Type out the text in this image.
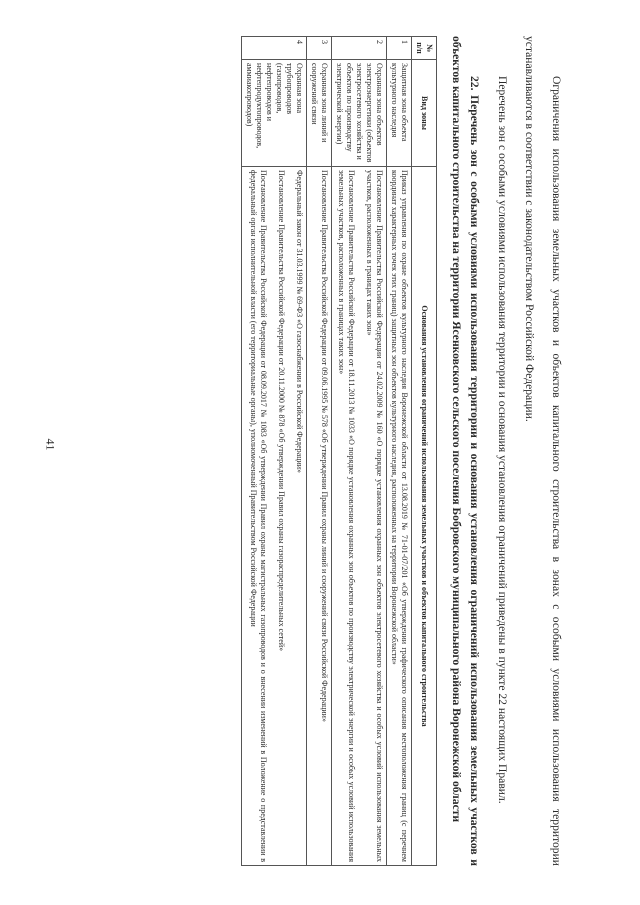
41	Ограничения использования земельных участков и объектов капитального строительства в зонах с особыми условиями использования территории устанавливаются в соответствии с законодательством Российской Федерации.

Перечень зон с особыми условиями использования территории и основания установления ограничений приведены в пункте 22 настоящих Правил.

22. Перечень зон с особыми условиями использования территории и основания установления ограничений использования земельных участков и объектов капитального строительства на территории Ясенковского сельского поселения Бобровского муниципального района Воронежской области

№ п/п	Вид зоны	Основания установления ограничений использования земельных участков и объектов капитального строительства
1	Защитная зона объекта культурного наследия	Приказ управления по охране объектов культурного наследия Воронежской области от 13.08.2019 № 71-01-07/201 «Об утверждении графического описания местоположения границ (с перечнем координат характерных точек этих границ) защитных зон объектов культурного наследия, расположенных на территории Воронежской области»

2	Охранная зона объектов электроэнергетики (объектов электросетевого хозяйства и объектов по производству электрической энергии)	Постановление Правительства Российской Федерации от 24.02.2009 № 160 «О порядке установления охранных зон объектов электросетевого хозяйства и особых условий использования земельных участков, расположенных в границах таких зон»
Постановление Правительства Российской Федерации от 18.11.2013 № 1033 «О порядке установления охранных зон объектов по производству электрической энергии и особых условий использования земельных участков, расположенных в границах таких зон»

3	Охранная зона линий и сооружений связи	Постановление Правительства Российской Федерации от 09.06.1995 № 578 «Об утверждении Правил охраны линий и сооружений связи Российской Федерации»

4	Охранная зона трубопроводов (газопроводов, нефтепроводов и нефтепродуктопроводов, аммиакопроводов)	Федеральный закон от 31.03.1999 № 69-ФЗ «О газоснабжении в Российской Федерации»
Постановление Правительства Российской Федерации от 20.11.2000 № 878 «Об утверждении Правил охраны газораспределительных сетей»
Постановление Правительства Российской Федерации от 08.09.2017 № 1083 «Об утверждении Правил охраны магистральных газопроводов и о внесении изменений в Положение о представлении в федеральный орган исполнительной власти (его территориальные органы), уполномоченный Правительством Российской Федерации
